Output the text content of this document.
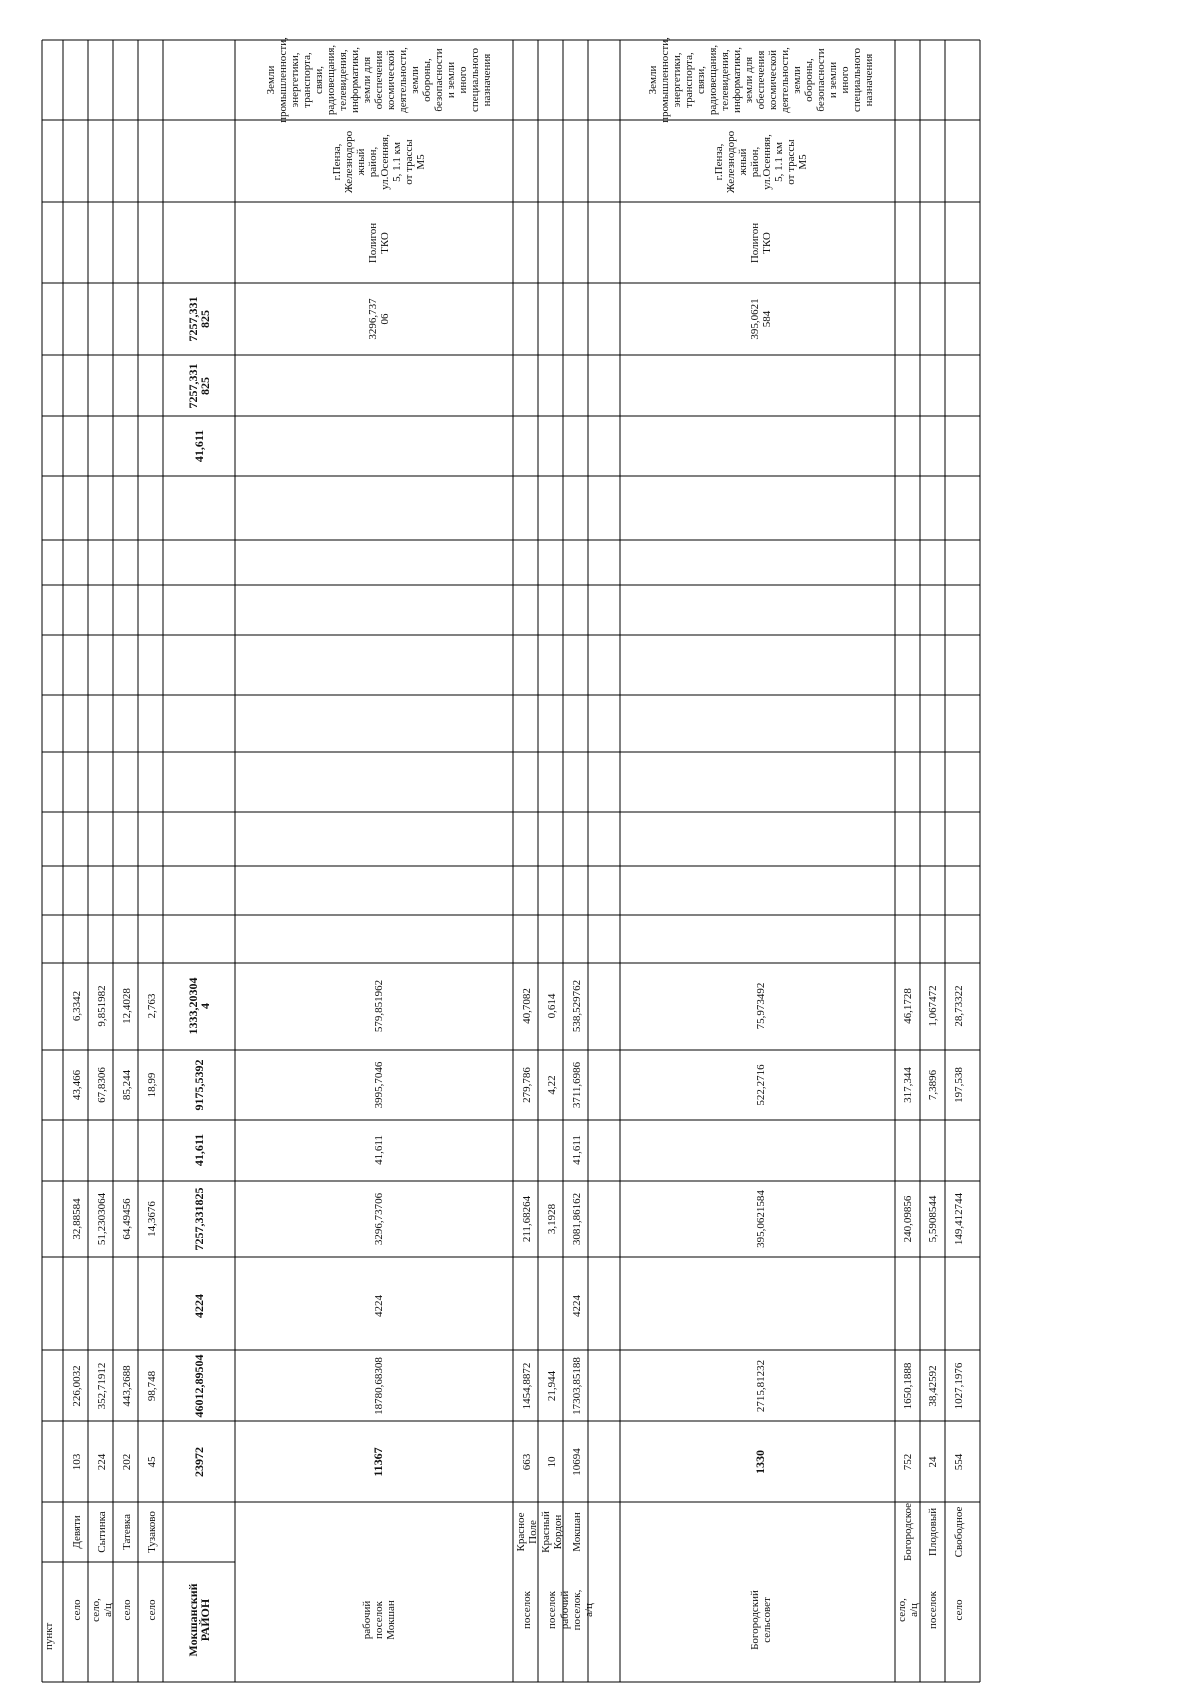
пункт
село
Девяти
103
226,0032
32,88584
43,466
6,3342
село,а/ц
Сытинка
224
352,71912
51,2303064
67,8306
9,851982
село
Татевка
202
443,2688
64,49456
85,244
12,4028
село
Тузаково
45
98,748
14,3676
18,99
2,763
МокшанскийРАЙОН
23972
46012,89504
4224
7257,331825
41,611
9175,5392
1333,203044
41,611
7257,331825
7257,331825
рабочийпоселокМокшан
11367
18780,68308
4224
3296,73706
41,611
3995,7046
579,851962
3296,73706
ПолигонТКО
г.Пенза,Железнодорожныйрайон,ул.Осенняя,5, 1.1 кмот трассыМ5
Землипромышленности,энергетики,транспорта,связи,радиовещания,телевидения,информатики,земли дляобеспечениякосмическойдеятельности,землиобороны,безопасностии землииногоспециальногоназначения
поселок
КрасноеПоле
663
1454,8872
211,68264
279,786
40,7082
поселок
КрасныйКордон
10
21,944
3,1928
4,22
0,614
рабочийпоселок,а/ц
Мокшан
10694
17303,85188
4224
3081,86162
41,611
3711,6986
538,529762
Богородскийсельсовет
1330
2715,81232
395,0621584
522,2716
75,973492
395,0621584
ПолигонТКО
г.Пенза,Железнодорожныйрайон,ул.Осенняя,5, 1.1 кмот трассыМ5
Землипромышленности,энергетики,транспорта,связи,радиовещания,телевидения,информатики,земли дляобеспечениякосмическойдеятельности,землиобороны,безопасностии землииногоспециальногоназначения
село,а/ц
Богородское
752
1650,1888
240,09856
317,344
46,1728
поселок
Плодовый
24
38,42592
5,5908544
7,3896
1,067472
село
Свободное
554
1027,1976
149,412744
197,538
28,73322
